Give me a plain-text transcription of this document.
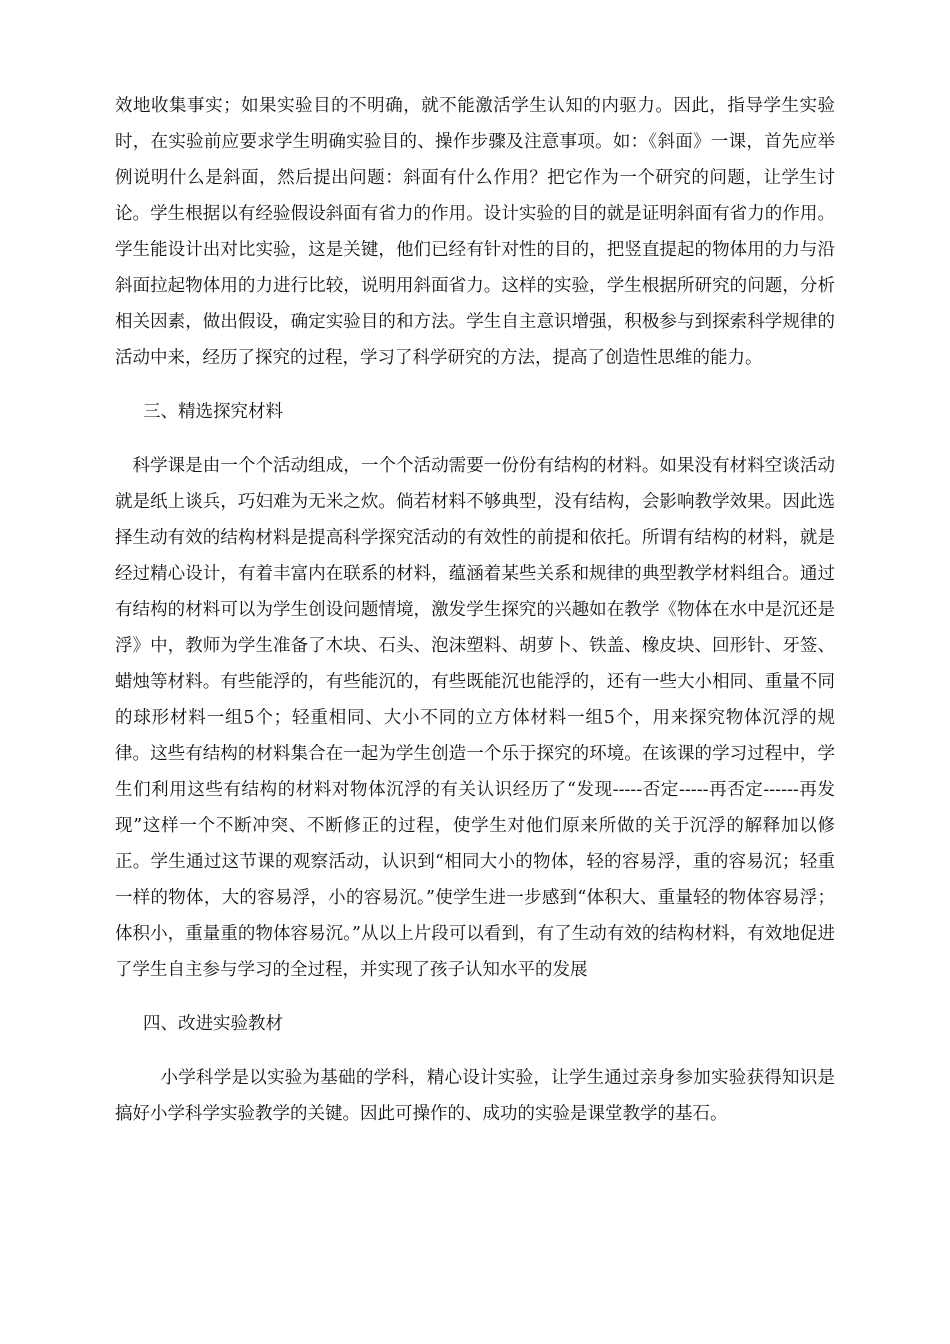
效地收集事实；如果实验目的不明确，就不能激活学生认知的内驱力。因此，指导学生实验时，在实验前应要求学生明确实验目的、操作步骤及注意事项。如：《斜面》一课，首先应举例说明什么是斜面，然后提出问题：斜面有什么作用？把它作为一个研究的问题，让学生讨论。学生根据以有经验假设斜面有省力的作用。设计实验的目的就是证明斜面有省力的作用。学生能设计出对比实验，这是关键，他们已经有针对性的目的，把竖直提起的物体用的力与沿斜面拉起物体用的力进行比较，说明用斜面省力。这样的实验，学生根据所研究的问题，分析相关因素，做出假设，确定实验目的和方法。学生自主意识增强，积极参与到探索科学规律的活动中来，经历了探究的过程，学习了科学研究的方法，提高了创造性思维的能力。

三、精选探究材料

科学课是由一个个活动组成，一个个活动需要一份份有结构的材料。如果没有材料空谈活动就是纸上谈兵，巧妇难为无米之炊。倘若材料不够典型，没有结构，会影响教学效果。因此选择生动有效的结构材料是提高科学探究活动的有效性的前提和依托。所谓有结构的材料，就是经过精心设计，有着丰富内在联系的材料，蕴涵着某些关系和规律的典型教学材料组合。通过有结构的材料可以为学生创设问题情境，激发学生探究的兴趣如在教学《物体在水中是沉还是浮》中，教师为学生准备了木块、石头、泡沫塑料、胡萝卜、铁盖、橡皮块、回形针、牙签、蜡烛等材料。有些能浮的，有些能沉的，有些既能沉也能浮的，还有一些大小相同、重量不同的球形材料一组5个；轻重相同、大小不同的立方体材料一组5个，用来探究物体沉浮的规律。这些有结构的材料集合在一起为学生创造一个乐于探究的环境。在该课的学习过程中，学生们利用这些有结构的材料对物体沉浮的有关认识经历了“发现-----否定-----再否定------再发现”这样一个不断冲突、不断修正的过程，使学生对他们原来所做的关于沉浮的解释加以修正。学生通过这节课的观察活动，认识到“相同大小的物体，轻的容易浮，重的容易沉；轻重一样的物体，大的容易浮，小的容易沉。”使学生进一步感到“体积大、重量轻的物体容易浮；体积小，重量重的物体容易沉。”从以上片段可以看到，有了生动有效的结构材料，有效地促进了学生自主参与学习的全过程，并实现了孩子认知水平的发展

四、改进实验教材

小学科学是以实验为基础的学科，精心设计实验，让学生通过亲身参加实验获得知识是搞好小学科学实验教学的关键。因此可操作的、成功的实验是课堂教学的基石。
